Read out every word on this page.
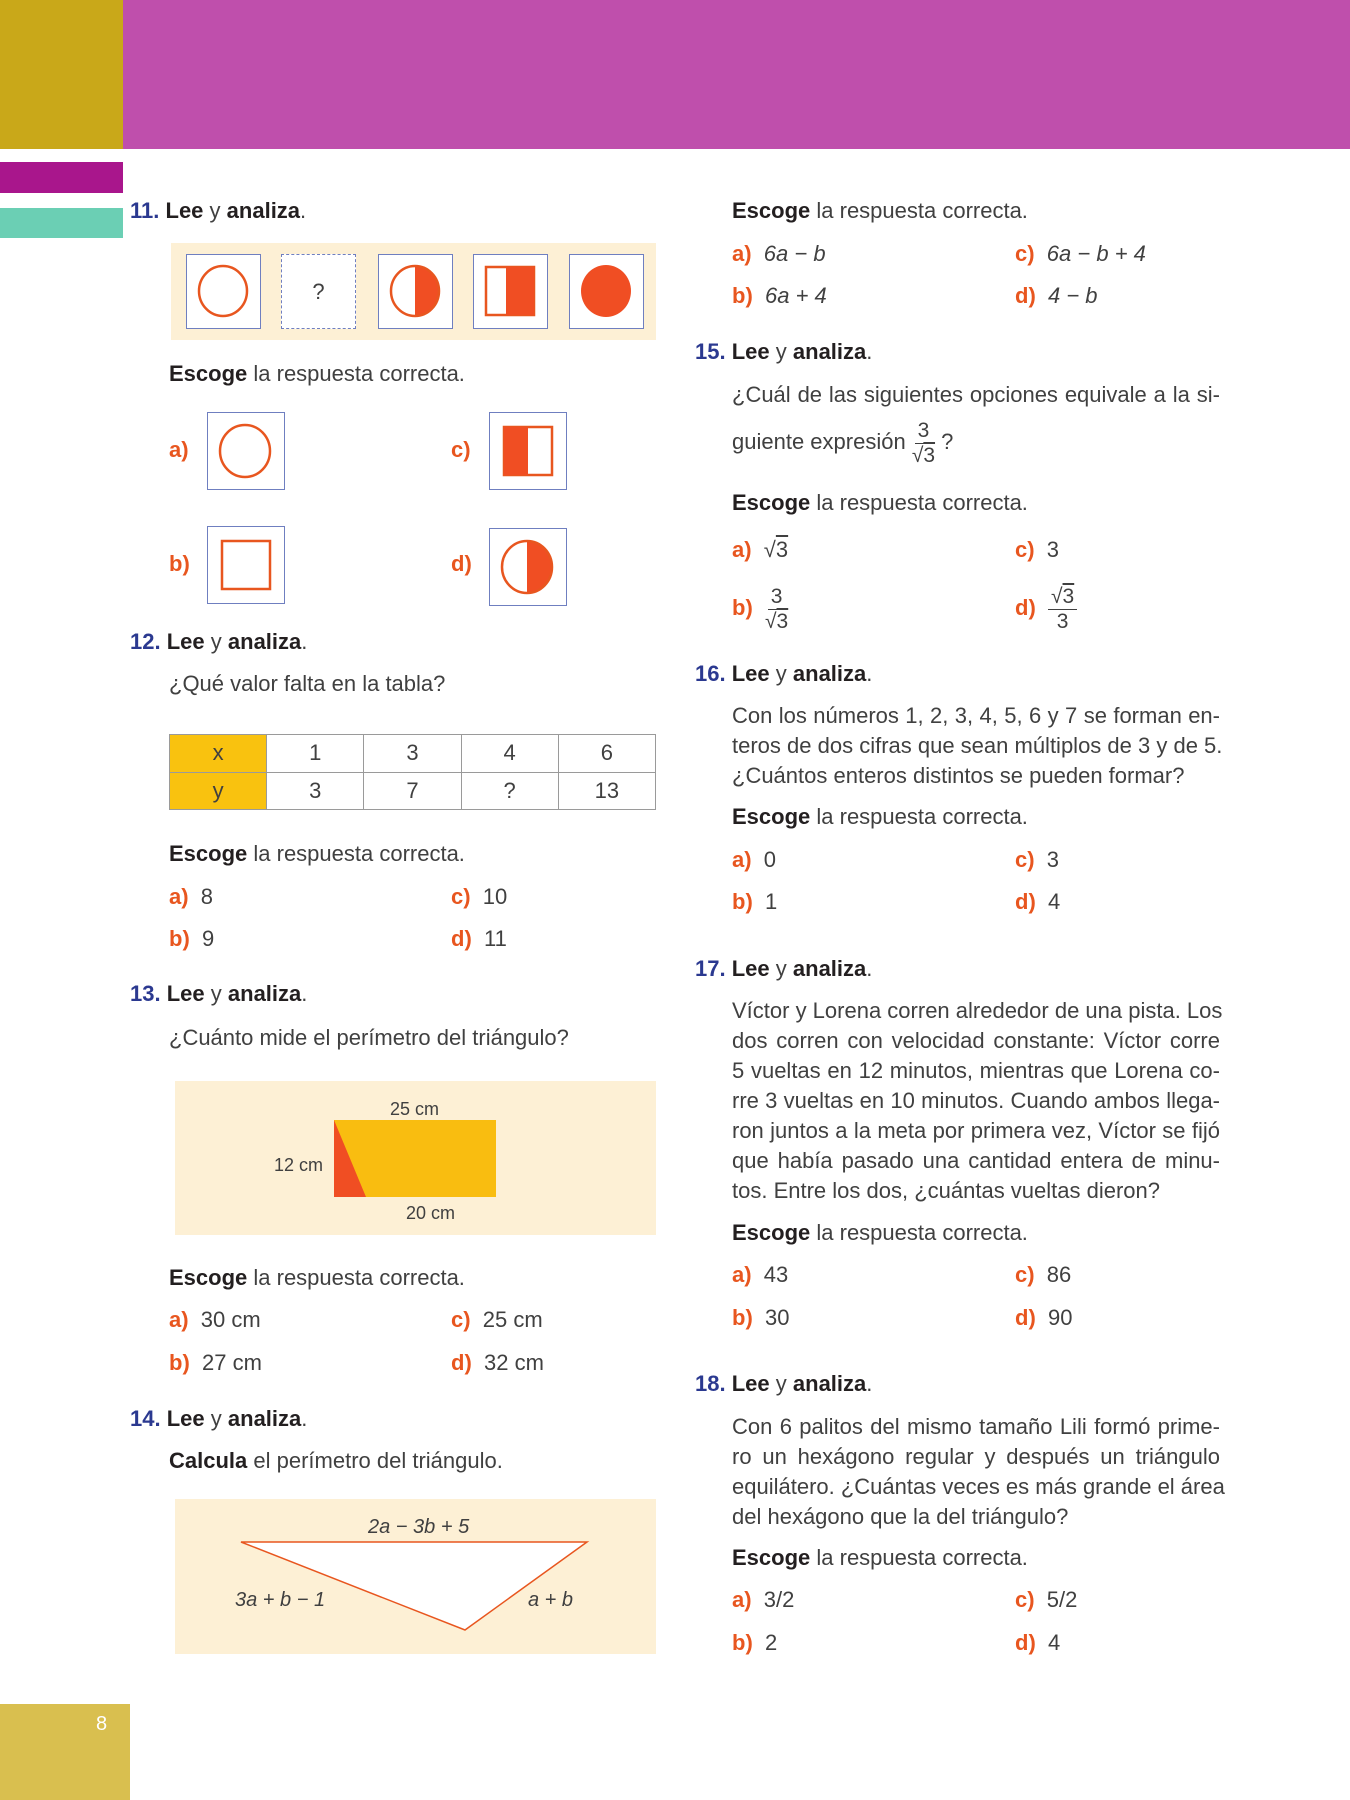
11. Lee y analiza.
?
Escoge la respuesta correcta.
a)	c)
b)	d)
12. Lee y analiza.
¿Qué valor falta en la tabla?
x	1	3	4	6
y	3	7	?	13
Escoge la respuesta correcta.
a) 8
b) 9
c) 10
d) 11
13. Lee y analiza.
¿Cuánto mide el perímetro del triángulo?
25 cm
12 cm
20 cm
Escoge la respuesta correcta.
a) 30 cm
b) 27 cm
c) 25 cm
d) 32 cm
14. Lee y analiza.
Calcula el perímetro del triángulo.
2a − 3b + 5
3a + b − 1	a + b
8
Escoge la respuesta correcta.
a) 6a − b
b) 6a + 4
c) 6a − b + 4
d) 4 − b
15. Lee y analiza.
¿Cuál de las siguientes opciones equivale a la si-
guiente expresión $\frac{3}{√3}$ ?
Escoge la respuesta correcta.
a) √3	c) 3
$b) \frac{3}{√3}$	$d) \frac{√3}{3}$
16. Lee y analiza.
Con los números 1, 2, 3, 4, 5, 6 y 7 se forman en-
teros de dos cifras que sean múltiplos de 3 y de 5.
¿Cuántos enteros distintos se pueden formar?
Escoge la respuesta correcta.
a) 0
b) 1
c) 3
d) 4
17. Lee y analiza.
Víctor y Lorena corren alrededor de una pista. Los
dos corren con velocidad constante: Víctor corre
5 vueltas en 12 minutos, mientras que Lorena co-
rre 3 vueltas en 10 minutos. Cuando ambos llega-
ron juntos a la meta por primera vez, Víctor se fijó
que había pasado una cantidad entera de minu-
tos. Entre los dos, ¿cuántas vueltas dieron?
Escoge la respuesta correcta.
a) 43
b) 30
c) 86
d) 90
18. Lee y analiza.
Con 6 palitos del mismo tamaño Lili formó prime-
ro un hexágono regular y después un triángulo
equilátero. ¿Cuántas veces es más grande el área
del hexágono que la del triángulo?
Escoge la respuesta correcta.
a) 3/2
b) 2
c) 5/2
d) 4
